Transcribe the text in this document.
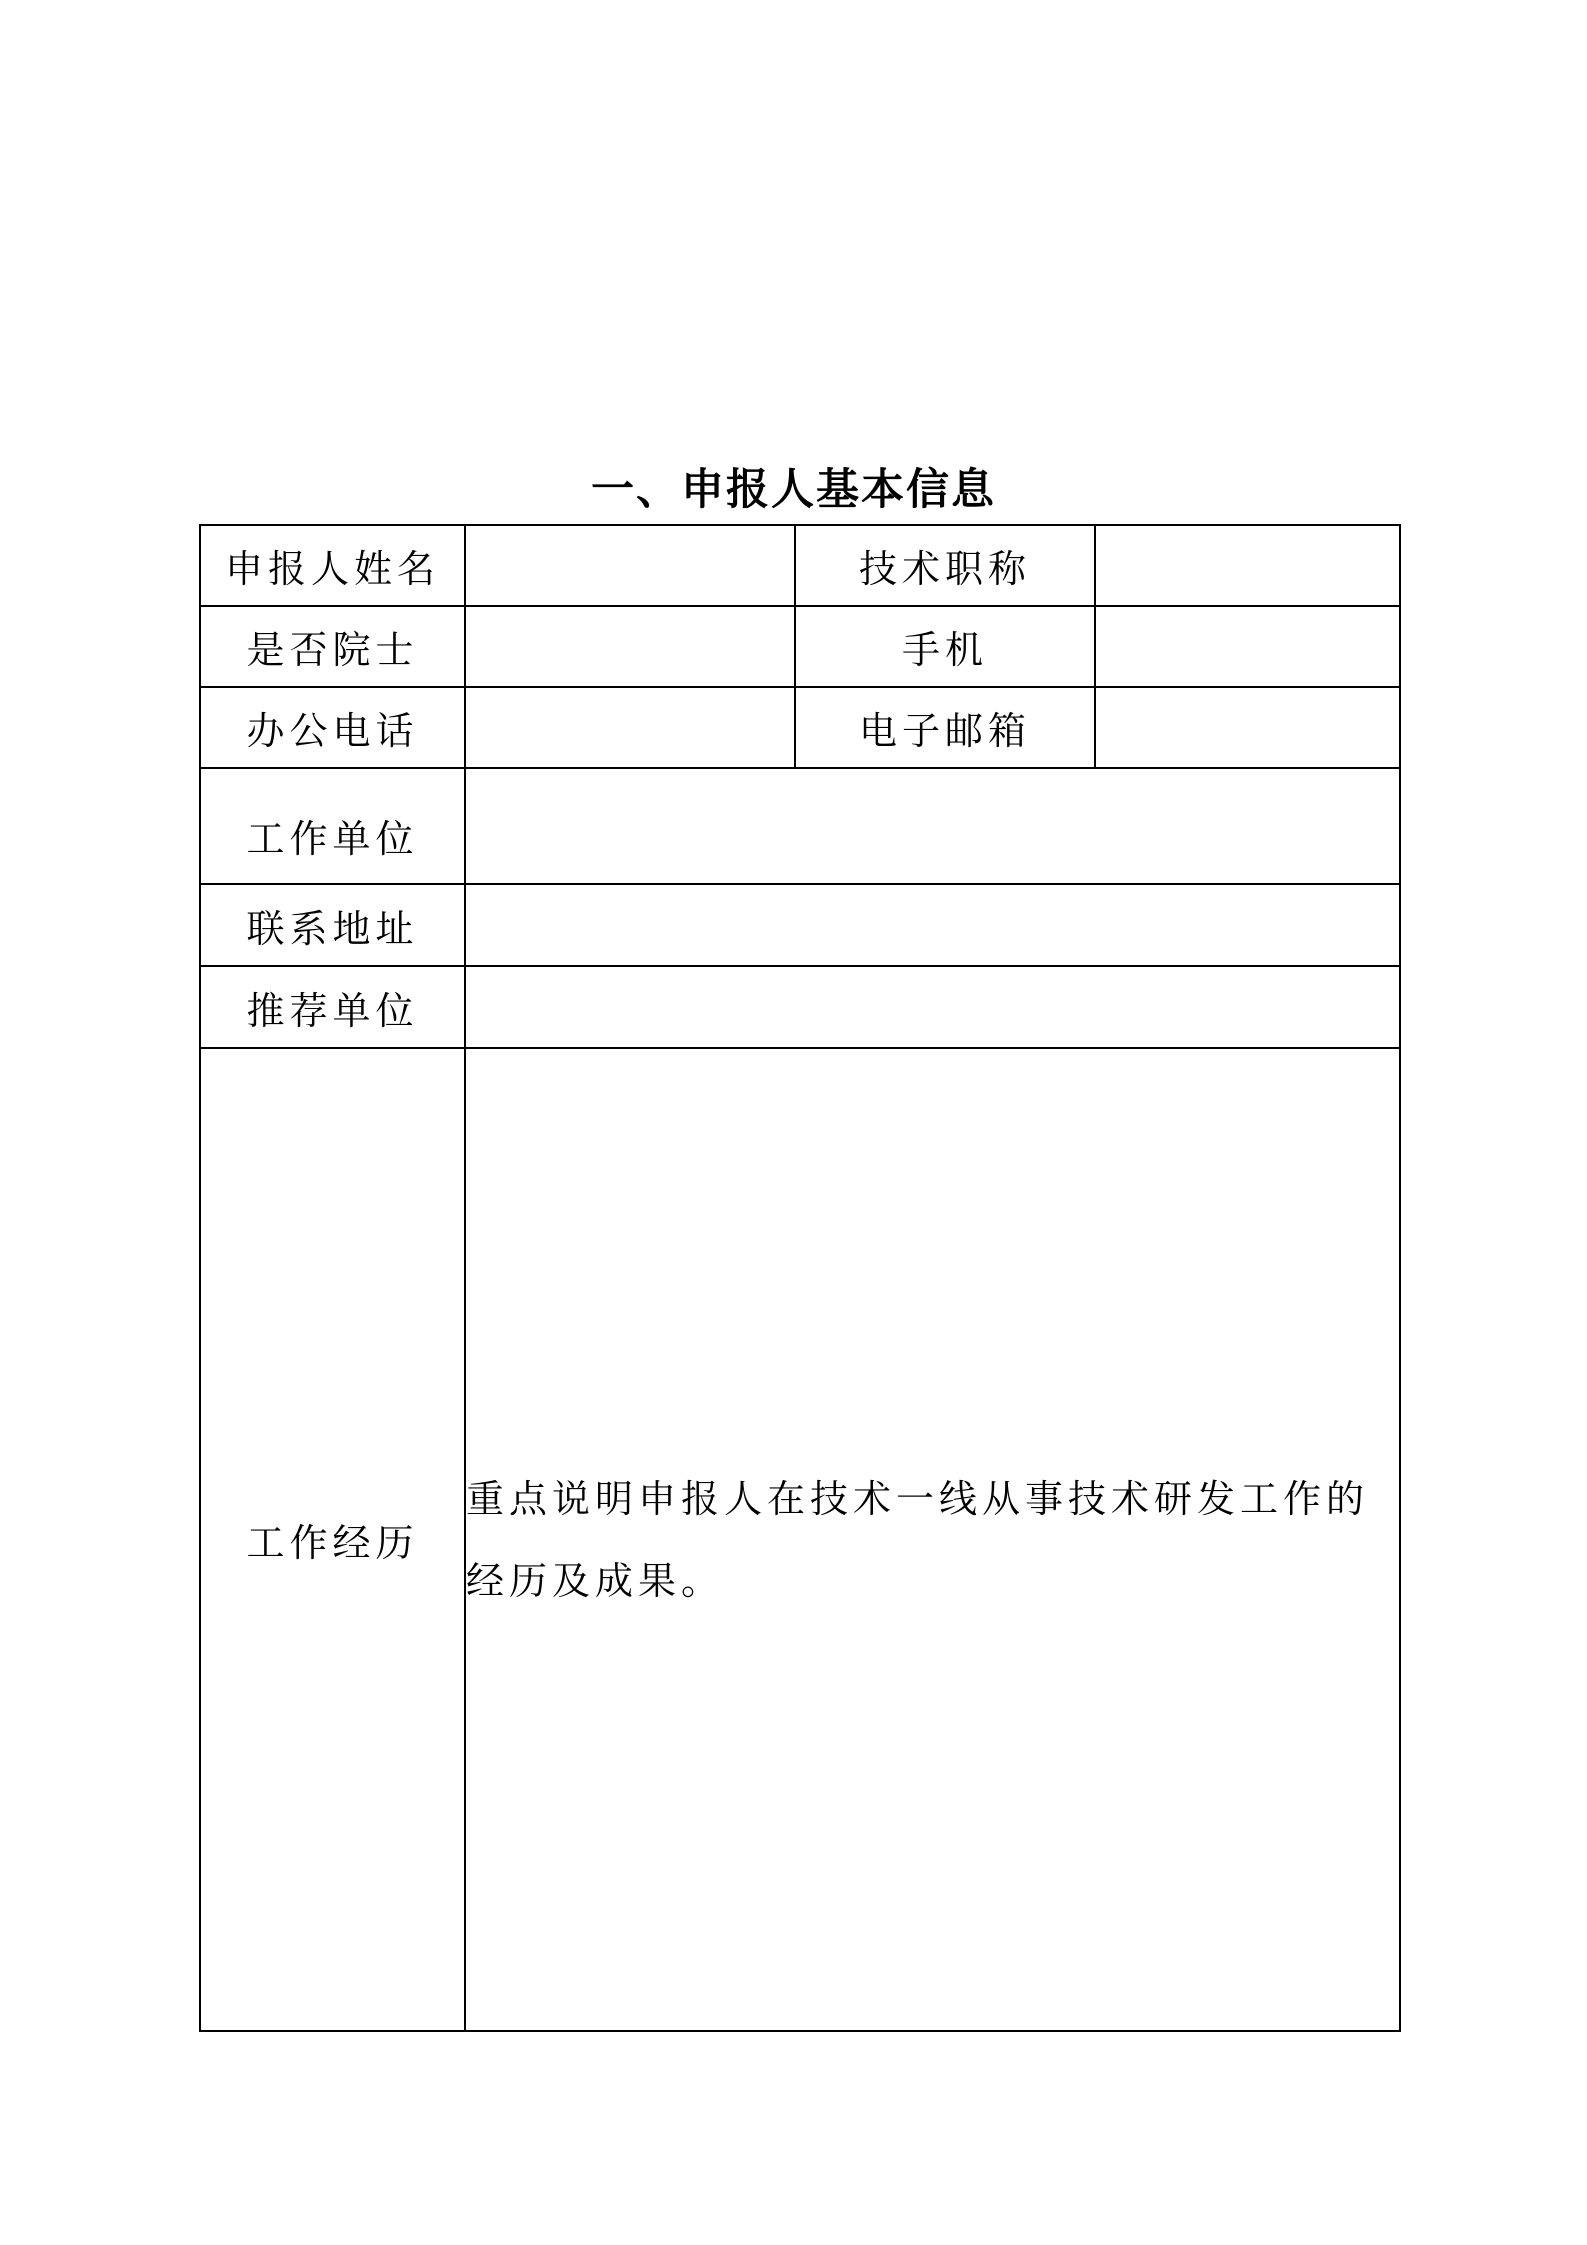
一、申报人基本信息
申报人姓名		技术职称	
是否院士		手机	
办公电话		电子邮箱	
工作单位			
联系地址			
推荐单位			
工作经历	重点说明申报人在技术一线从事技术研发工作的经历及成果。		
